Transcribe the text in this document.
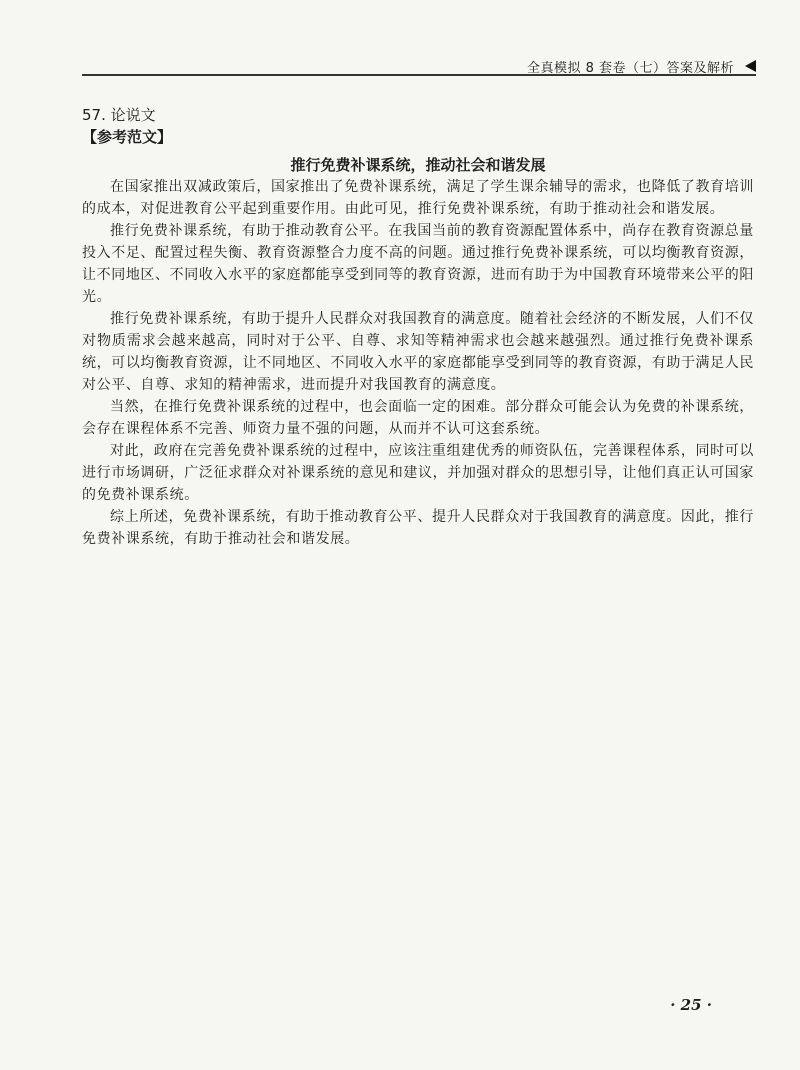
全真模拟 8 套卷（七）答案及解析
57. 论说文
【参考范文】
推行免费补课系统，推动社会和谐发展

在国家推出双减政策后，国家推出了免费补课系统，满足了学生课余辅导的需求，也降低了教育培训的成本，对促进教育公平起到重要作用。由此可见，推行免费补课系统，有助于推动社会和谐发展。

推行免费补课系统，有助于推动教育公平。在我国当前的教育资源配置体系中，尚存在教育资源总量投入不足、配置过程失衡、教育资源整合力度不高的问题。通过推行免费补课系统，可以均衡教育资源，让不同地区、不同收入水平的家庭都能享受到同等的教育资源，进而有助于为中国教育环境带来公平的阳光。

推行免费补课系统，有助于提升人民群众对我国教育的满意度。随着社会经济的不断发展，人们不仅对物质需求会越来越高，同时对于公平、自尊、求知等精神需求也会越来越强烈。通过推行免费补课系统，可以均衡教育资源，让不同地区、不同收入水平的家庭都能享受到同等的教育资源，有助于满足人民对公平、自尊、求知的精神需求，进而提升对我国教育的满意度。

当然，在推行免费补课系统的过程中，也会面临一定的困难。部分群众可能会认为免费的补课系统，会存在课程体系不完善、师资力量不强的问题，从而并不认可这套系统。

对此，政府在完善免费补课系统的过程中，应该注重组建优秀的师资队伍，完善课程体系，同时可以进行市场调研，广泛征求群众对补课系统的意见和建议，并加强对群众的思想引导，让他们真正认可国家的免费补课系统。

综上所述，免费补课系统，有助于推动教育公平、提升人民群众对于我国教育的满意度。因此，推行免费补课系统，有助于推动社会和谐发展。

· 25 ·
